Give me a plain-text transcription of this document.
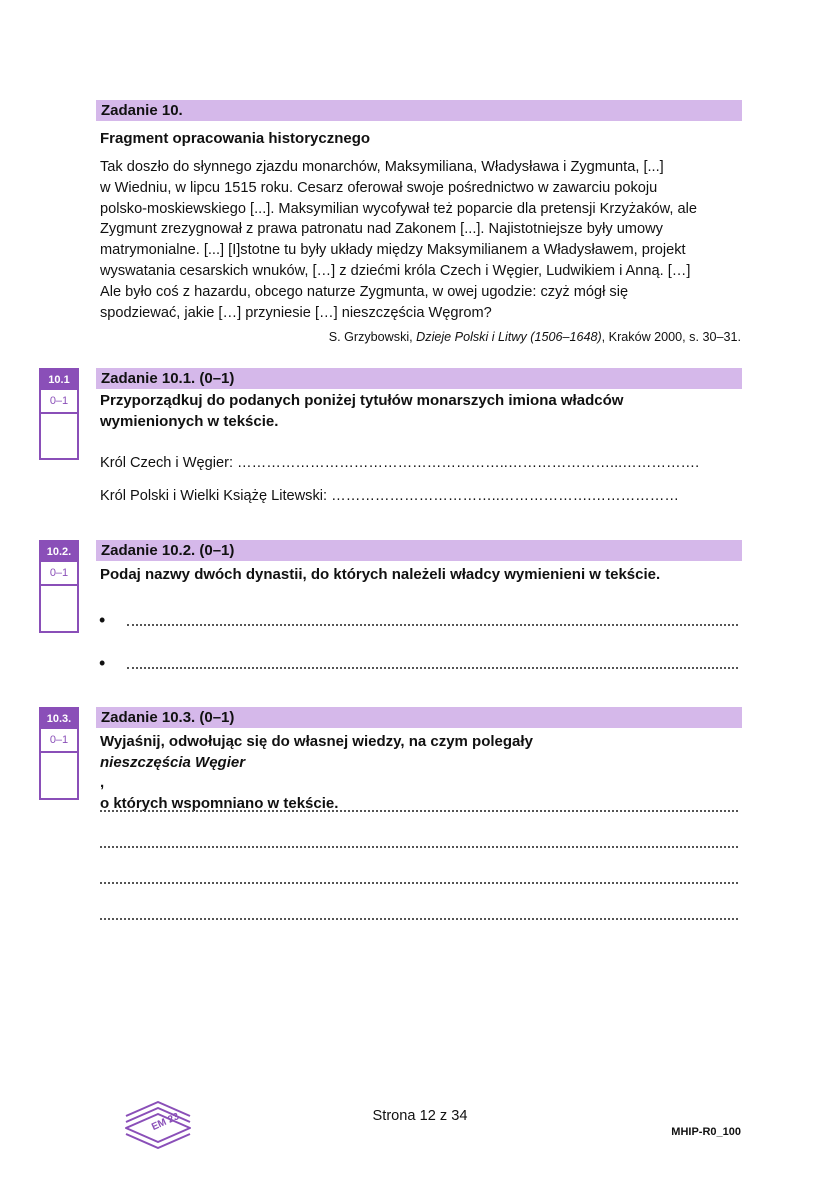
Zadanie 10.
Fragment opracowania historycznego
Tak doszło do słynnego zjazdu monarchów, Maksymiliana, Władysława i Zygmunta, [...]
w Wiedniu, w lipcu 1515 roku. Cesarz oferował swoje pośrednictwo w zawarciu pokoju
polsko-moskiewskiego [...]. Maksymilian wycofywał też poparcie dla pretensji Krzyżaków, ale
Zygmunt zrezygnował z prawa patronatu nad Zakonem [...]. Najistotniejsze były umowy
matrymonialne. [...] [I]stotne tu były układy między Maksymilianem a Władysławem, projekt
wyswatania cesarskich wnuków, […] z dziećmi króla Czech i Węgier, Ludwikiem i Anną. […]
Ale było coś z hazardu, obcego naturze Zygmunta, w owej ugodzie: czyż mógł się
spodziewać, jakie […] przyniesie […] nieszczęścia Węgrom?
S. Grzybowski, Dzieje Polski i Litwy (1506–1648), Kraków 2000, s. 30–31.
10.1
0–1
Zadanie 10.1. (0–1)
Przyporządkuj do podanych poniżej tytułów monarszych imiona władców
wymienionych w tekście.
Król Czech i Węgier: ………………………………………………..…………………...…………….
Król Polski i Wielki Książę Litewski: ……………………………..……………….………………
10.2.
0–1
Zadanie 10.2. (0–1)
Podaj nazwy dwóch dynastii, do których należeli władcy wymienieni w tekście.
•
•
10.3.
0–1
Zadanie 10.3. (0–1)
Wyjaśnij, odwołując się do własnej wiedzy, na czym polegały
nieszczęścia Węgier
,
o których wspomniano w tekście.
EM 23	Strona 12 z 34
MHIP-R0_100
